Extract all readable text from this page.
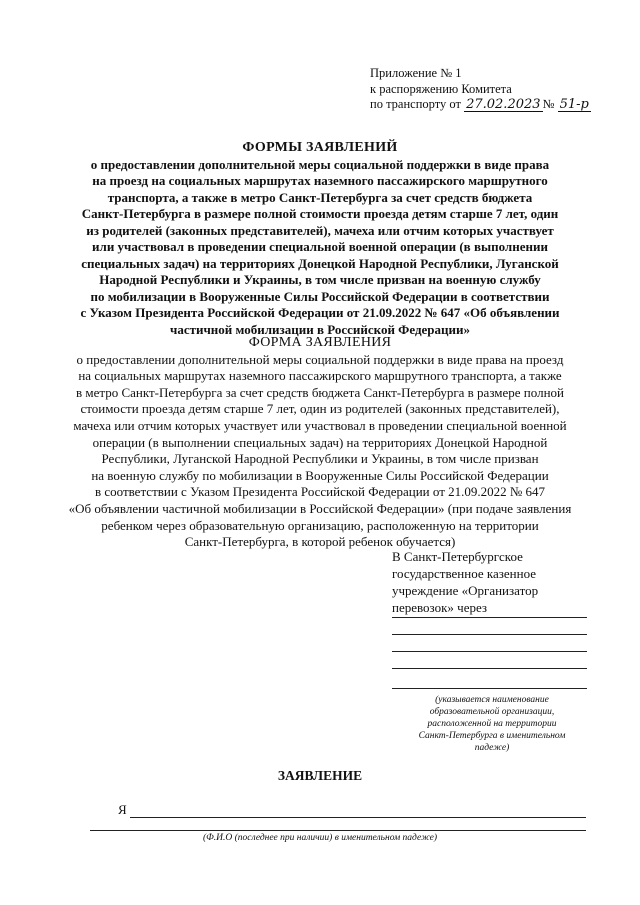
Приложение № 1
к распоряжению Комитета
по транспорту от 27.02.2023 № 51-р
ФОРМЫ ЗАЯВЛЕНИЙ
о предоставлении дополнительной меры социальной поддержки в виде права
на проезд на социальных маршрутах наземного пассажирского маршрутного
транспорта, а также в метро Санкт-Петербурга за счет средств бюджета
Санкт-Петербурга в размере полной стоимости проезда детям старше 7 лет, один
из родителей (законных представителей), мачеха или отчим которых участвует
или участвовал в проведении специальной военной операции (в выполнении
специальных задач) на территориях Донецкой Народной Республики, Луганской
Народной Республики и Украины, в том числе призван на военную службу
по мобилизации в Вооруженные Силы Российской Федерации в соответствии
с Указом Президента Российской Федерации от 21.09.2022 № 647 «Об объявлении
частичной мобилизации в Российской Федерации»
ФОРМА ЗАЯВЛЕНИЯ
о предоставлении дополнительной меры социальной поддержки в виде права на проезд
на социальных маршрутах наземного пассажирского маршрутного транспорта, а также
в метро Санкт-Петербурга за счет средств бюджета Санкт-Петербурга в размере полной
стоимости проезда детям старше 7 лет, один из родителей (законных представителей),
мачеха или отчим которых участвует или участвовал в проведении специальной военной
операции (в выполнении специальных задач) на территориях Донецкой Народной
Республики, Луганской Народной Республики и Украины, в том числе призван
на военную службу по мобилизации в Вооруженные Силы Российской Федерации
в соответствии с Указом Президента Российской Федерации от 21.09.2022 № 647
«Об объявлении частичной мобилизации в Российской Федерации» (при подаче заявления
ребенком через образовательную организацию, расположенную на территории
Санкт-Петербурга, в которой ребенок обучается)
В Санкт-Петербургское
государственное казенное
учреждение «Организатор
перевозок» через
(указывается наименование
образовательной организации,
расположенной на территории
Санкт-Петербурга в именительном
падеже)
ЗАЯВЛЕНИЕ
Я
(Ф.И.О (последнее при наличии) в именительном падеже)
